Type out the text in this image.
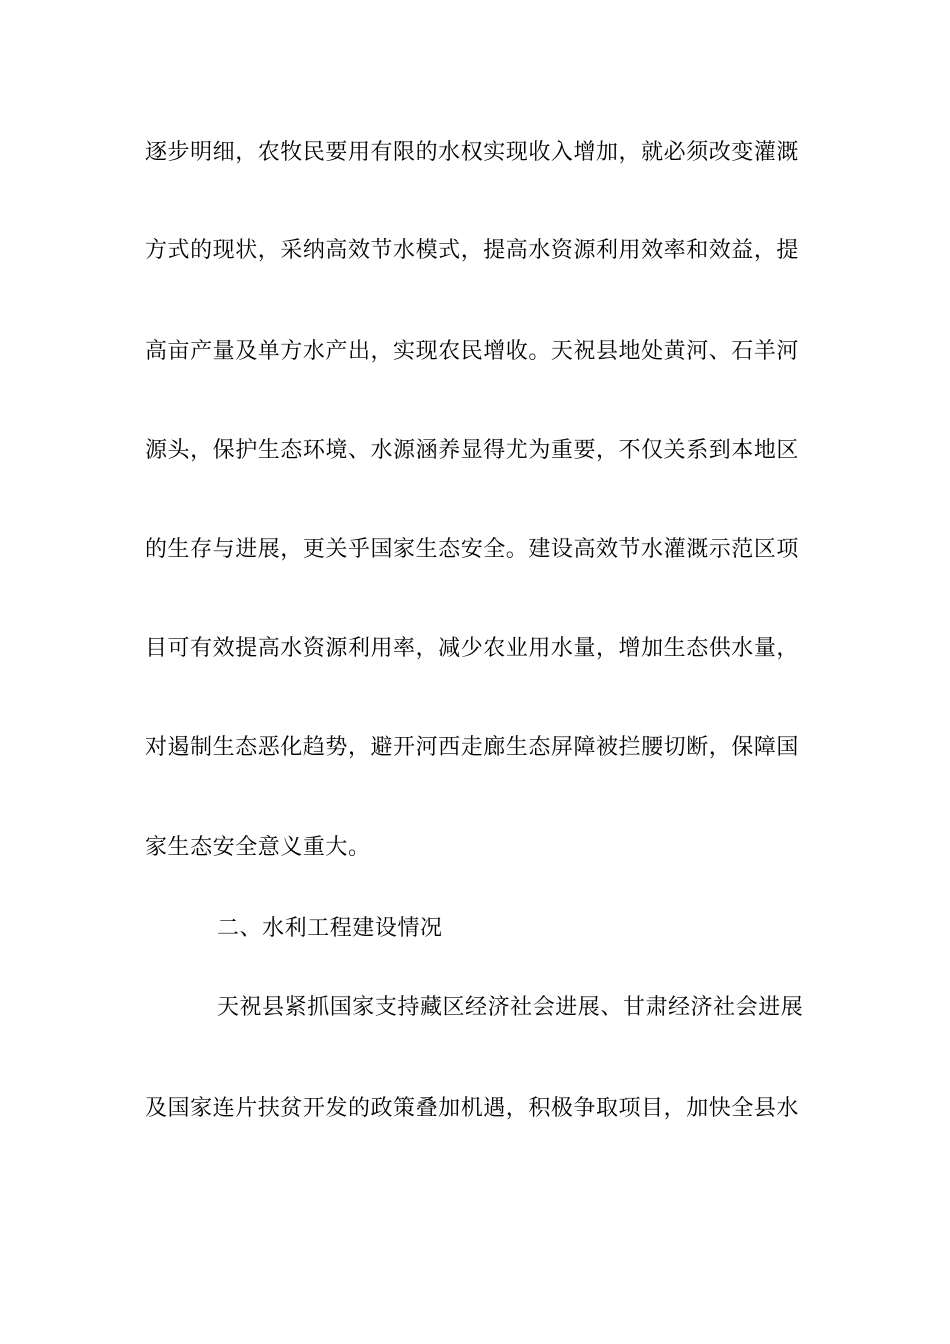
逐步明细，农牧民要用有限的水权实现收入增加，就必须改变灌溉
方式的现状，采纳高效节水模式，提高水资源利用效率和效益，提
高亩产量及单方水产出，实现农民增收。天祝县地处黄河、石羊河
源头，保护生态环境、水源涵养显得尤为重要，不仅关系到本地区
的生存与进展，更关乎国家生态安全。建设高效节水灌溉示范区项
目可有效提高水资源利用率，减少农业用水量，增加生态供水量，
对遏制生态恶化趋势，避开河西走廊生态屏障被拦腰切断，保障国
家生态安全意义重大。
二、水利工程建设情况
天祝县紧抓国家支持藏区经济社会进展、甘肃经济社会进展
及国家连片扶贫开发的政策叠加机遇，积极争取项目，加快全县水
